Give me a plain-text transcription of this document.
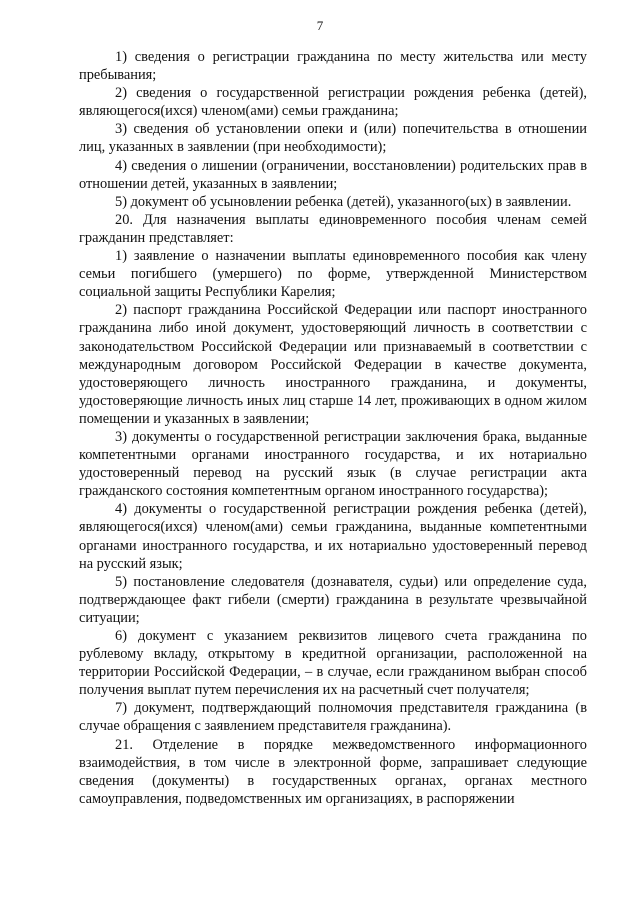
7

1) сведения о регистрации гражданина по месту жительства или месту пребывания;

2) сведения о государственной регистрации рождения ребенка (детей), являющегося(ихся) членом(ами) семьи гражданина;

3) сведения об установлении опеки и (или) попечительства в отношении лиц, указанных в заявлении (при необходимости);

4) сведения о лишении (ограничении, восстановлении) родительских прав в отношении детей, указанных в заявлении;

5) документ об усыновлении ребенка (детей), указанного(ых) в заявлении.

20. Для назначения выплаты единовременного пособия членам семей гражданин представляет:

1) заявление о назначении выплаты единовременного пособия как члену семьи погибшего (умершего) по форме, утвержденной Министерством социальной защиты Республики Карелия;

2) паспорт гражданина Российской Федерации или паспорт иностранного гражданина либо иной документ, удостоверяющий личность в соответствии с законодательством Российской Федерации или признаваемый в соответствии с международным договором Российской Федерации в качестве документа, удостоверяющего личность иностранного гражданина, и документы, удостоверяющие личность иных лиц старше 14 лет, проживающих в одном жилом помещении и указанных в заявлении;

3) документы о государственной регистрации заключения брака, выданные компетентными органами иностранного государства, и их нотариально удостоверенный перевод на русский язык (в случае регистрации акта гражданского состояния компетентным органом иностранного государства);

4) документы о государственной регистрации рождения ребенка (детей), являющегося(ихся) членом(ами) семьи гражданина, выданные компетентными органами иностранного государства, и их нотариально удостоверенный перевод на русский язык;

5) постановление следователя (дознавателя, судьи) или определение суда, подтверждающее факт гибели (смерти) гражданина в результате чрезвычайной ситуации;

6) документ с указанием реквизитов лицевого счета гражданина по рублевому вкладу, открытому в кредитной организации, расположенной на территории Российской Федерации, – в случае, если гражданином выбран способ получения выплат путем перечисления их на расчетный счет получателя;

7) документ, подтверждающий полномочия представителя гражданина (в случае обращения с заявлением представителя гражданина).

21. Отделение в порядке межведомственного информационного взаимодействия, в том числе в электронной форме, запрашивает следующие сведения (документы) в государственных органах, органах местного самоуправления, подведомственных им организациях, в распоряжении
